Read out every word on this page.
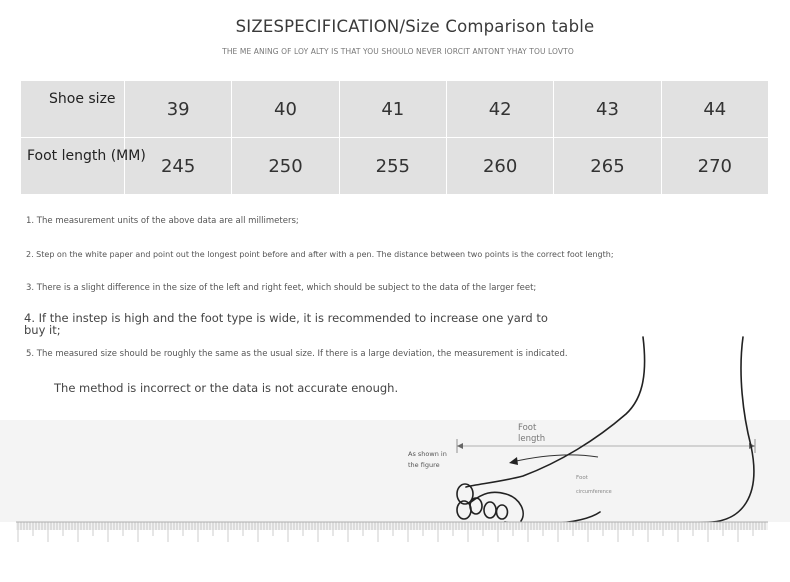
SIZESPECIFICATION/Size Comparison table
THE ME ANING OF LOY ALTY IS THAT YOU SHOULO NEVER IORCIT ANTONT YHAY TOU LOVTO
Shoe size	39	40	41	42	43	44
Foot length (MM)	245	250	255	260	265	270
1. The measurement units of the above data are all millimeters;
2. Step on the white paper and point out the longest point before and after with a pen. The distance between two points is the correct foot length;
3. There is a slight difference in the size of the left and right feet, which should be subject to the data of the larger feet;
4. If the instep is high and the foot type is wide, it is recommended to increase one yard to buy it;
5. The measured size should be roughly the same as the usual size. If there is a large deviation, the measurement is indicated.
The method is incorrect or the data is not accurate enough.
Foot
length
As shown in
the figure
Foot
circumference
